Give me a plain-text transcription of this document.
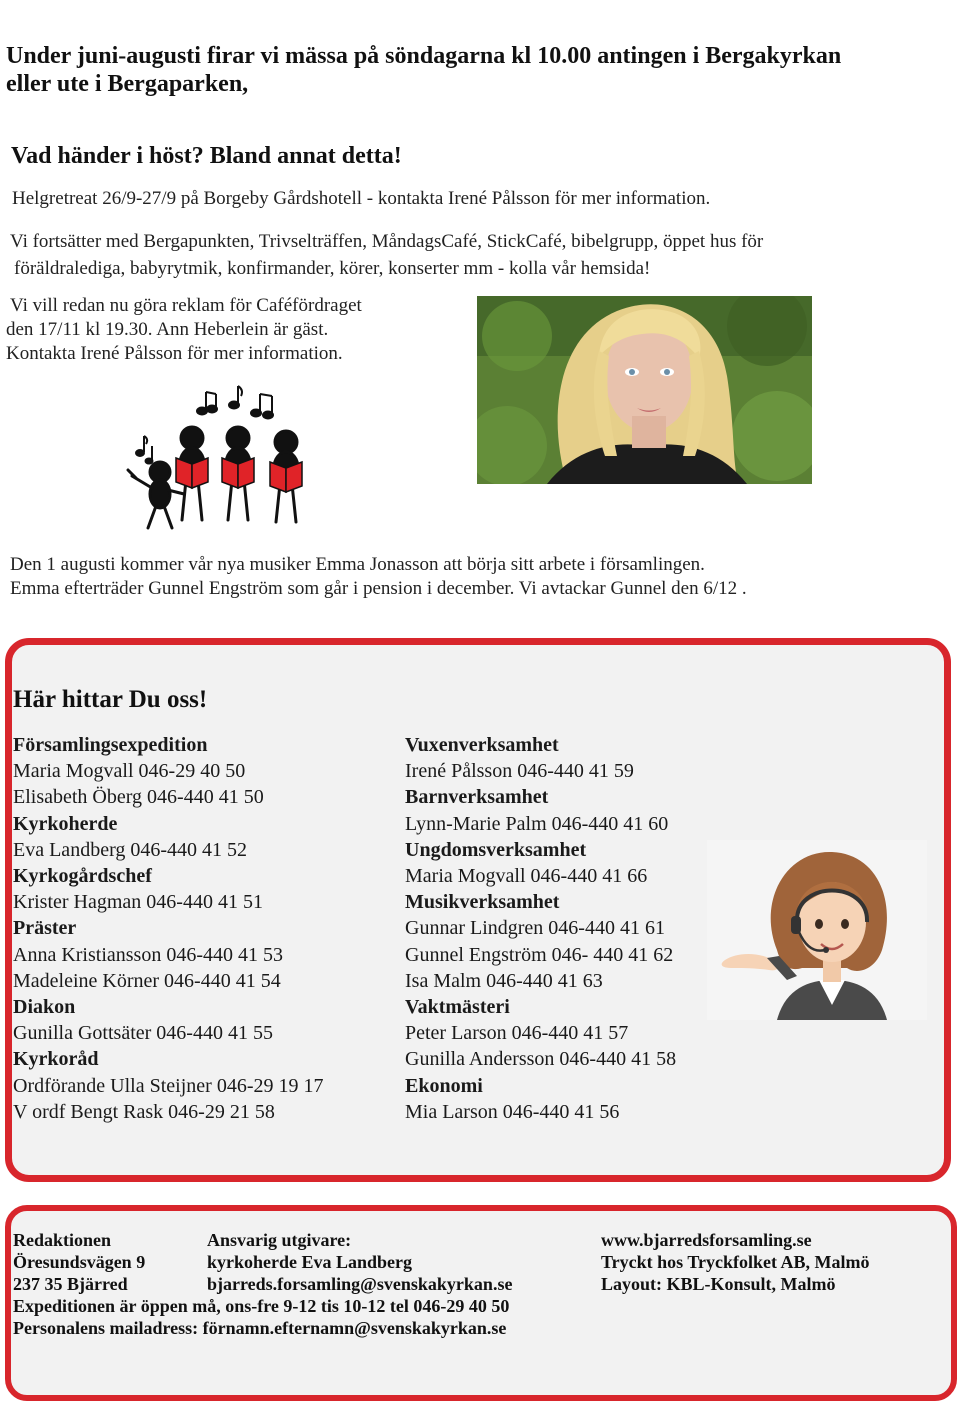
Under juni-augusti firar vi mässa på söndagarna kl 10.00 antingen i Bergakyrkan
eller ute i Bergaparken,
Vad händer i höst? Bland annat detta!
Helgretreat 26/9-27/9 på Borgeby Gårdshotell - kontakta Irené Pålsson för mer information.
Vi fortsätter med Bergapunkten, Trivselträffen, MåndagsCafé, StickCafé, bibelgrupp, öppet hus för
föräldralediga, babyrytmik, konfirmander, körer, konserter mm - kolla vår hemsida!
Vi vill redan nu göra reklam för Caféfördraget
den 17/11 kl 19.30. Ann Heberlein är gäst.
Kontakta Irené Pålsson för mer information.
Den 1 augusti kommer vår nya musiker Emma Jonasson att börja sitt arbete i församlingen.
Emma efterträder Gunnel Engström som går i pension i december. Vi avtackar Gunnel den 6/12 .
Här hittar Du oss!
Församlingsexpedition
Maria Mogvall 046-29 40 50
Elisabeth Öberg 046-440 41 50
Kyrkoherde
Eva Landberg 046-440 41 52
Kyrkogårdschef
Krister Hagman 046-440 41 51
Präster
Anna Kristiansson 046-440 41 53
Madeleine Körner 046-440 41 54
Diakon
Gunilla Gottsäter 046-440 41 55
Kyrkoråd
Ordförande Ulla Steijner 046-29 19 17
V ordf Bengt Rask 046-29 21 58
Vuxenverksamhet
Irené Pålsson 046-440 41 59
Barnverksamhet
Lynn-Marie Palm 046-440 41 60
Ungdomsverksamhet
Maria Mogvall 046-440 41 66
Musikverksamhet
Gunnar Lindgren 046-440 41 61
Gunnel Engström 046- 440 41 62
Isa Malm 046-440 41 63
Vaktmästeri
Peter Larson 046-440 41 57
Gunilla Andersson 046-440 41 58
Ekonomi
Mia Larson 046-440 41 56
Redaktionen
Öresundsvägen 9
237 35 Bjärred
Ansvarig utgivare:
kyrkoherde Eva Landberg
bjarreds.forsamling@svenskakyrkan.se
www.bjarredsforsamling.se
Tryckt hos Tryckfolket AB, Malmö
Layout: KBL-Konsult, Malmö
Expeditionen är öppen må, ons-fre 9-12 tis 10-12 tel 046-29 40 50
Personalens mailadress: förnamn.efternamn@svenskakyrkan.se
